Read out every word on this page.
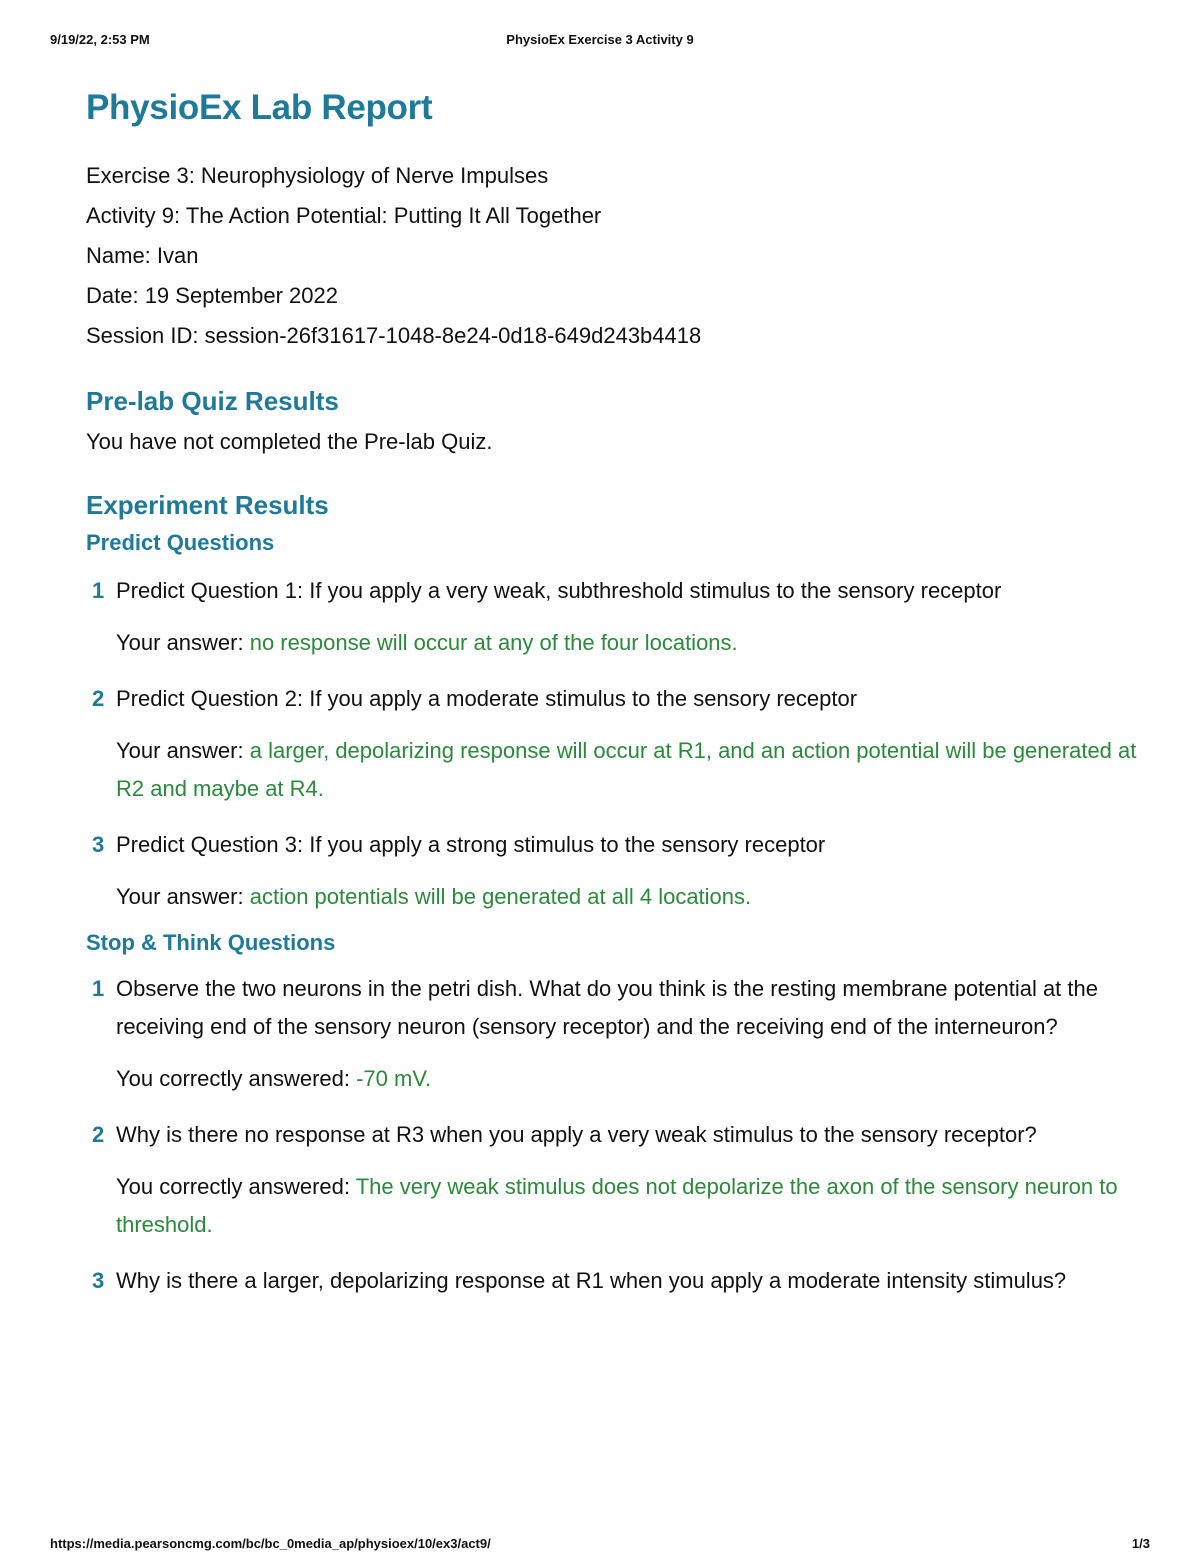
9/19/22, 2:53 PM	PhysioEx Exercise 3 Activity 9
PhysioEx Lab Report
Exercise 3: Neurophysiology of Nerve Impulses
Activity 9: The Action Potential: Putting It All Together
Name: Ivan
Date: 19 September 2022
Session ID: session-26f31617-1048-8e24-0d18-649d243b4418
Pre-lab Quiz Results
You have not completed the Pre-lab Quiz.
Experiment Results
Predict Questions
1 Predict Question 1: If you apply a very weak, subthreshold stimulus to the sensory receptor
Your answer: no response will occur at any of the four locations.
2 Predict Question 2: If you apply a moderate stimulus to the sensory receptor
Your answer: a larger, depolarizing response will occur at R1, and an action potential will be generated at R2 and maybe at R4.
3 Predict Question 3: If you apply a strong stimulus to the sensory receptor
Your answer: action potentials will be generated at all 4 locations.
Stop & Think Questions
1 Observe the two neurons in the petri dish. What do you think is the resting membrane potential at the receiving end of the sensory neuron (sensory receptor) and the receiving end of the interneuron?
You correctly answered: -70 mV.
2 Why is there no response at R3 when you apply a very weak stimulus to the sensory receptor?
You correctly answered: The very weak stimulus does not depolarize the axon of the sensory neuron to threshold.
3 Why is there a larger, depolarizing response at R1 when you apply a moderate intensity stimulus?
https://media.pearsoncmg.com/bc/bc_0media_ap/physioex/10/ex3/act9/	1/3
